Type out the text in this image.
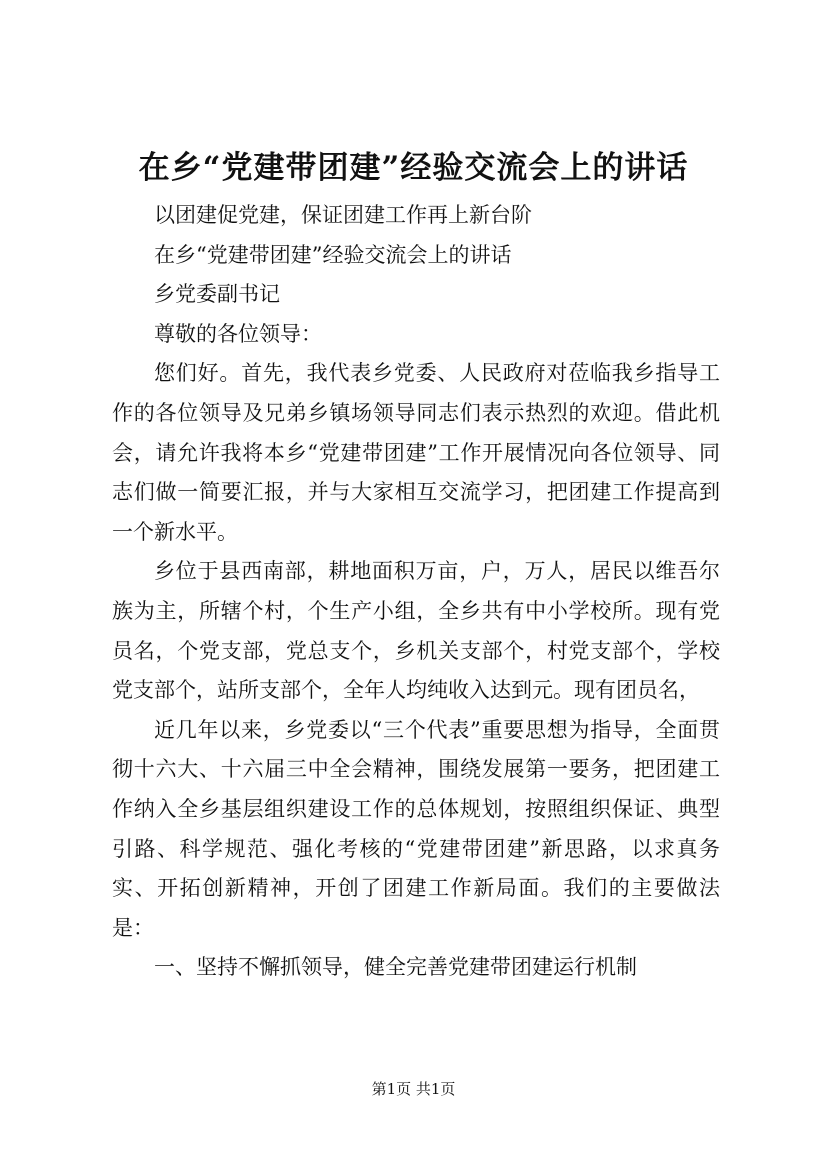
在乡“党建带团建”经验交流会上的讲话

以团建促党建，保证团建工作再上新台阶

在乡“党建带团建”经验交流会上的讲话

乡党委副书记

尊敬的各位领导：

您们好。首先，我代表乡党委、人民政府对莅临我乡指导工作的各位领导及兄弟乡镇场领导同志们表示热烈的欢迎。借此机会，请允许我将本乡“党建带团建”工作开展情况向各位领导、同志们做一简要汇报，并与大家相互交流学习，把团建工作提高到一个新水平。

乡位于县西南部，耕地面积万亩，户，万人，居民以维吾尔族为主，所辖个村，个生产小组，全乡共有中小学校所。现有党员名，个党支部，党总支个，乡机关支部个，村党支部个，学校党支部个，站所支部个，全年人均纯收入达到元。现有团员名，

近几年以来，乡党委以“三个代表”重要思想为指导，全面贯彻十六大、十六届三中全会精神，围绕发展第一要务，把团建工作纳入全乡基层组织建设工作的总体规划，按照组织保证、典型引路、科学规范、强化考核的“党建带团建”新思路，以求真务实、开拓创新精神，开创了团建工作新局面。我们的主要做法是：

一、坚持不懈抓领导，健全完善党建带团建运行机制

第1页 共1页
